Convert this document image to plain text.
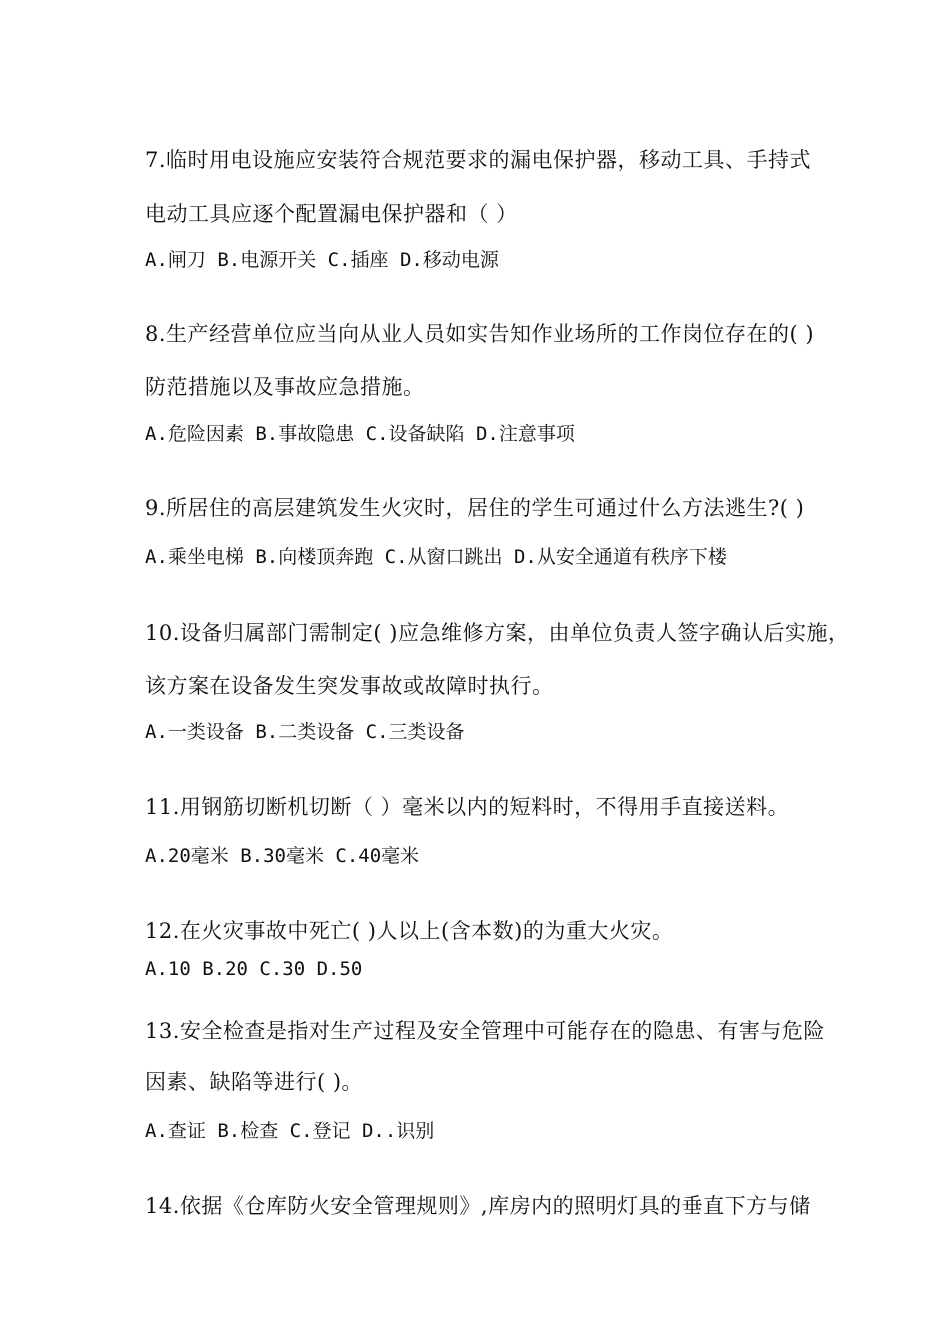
7.临时用电设施应安装符合规范要求的漏电保护器，移动工具、手持式
电动工具应逐个配置漏电保护器和（ ）
A.闸刀 B.电源开关 C.插座 D.移动电源
8.生产经营单位应当向从业人员如实告知作业场所的工作岗位存在的( )
防范措施以及事故应急措施。
A.危险因素 B.事故隐患 C.设备缺陷 D.注意事项
9.所居住的高层建筑发生火灾时，居住的学生可通过什么方法逃生?( )
A.乘坐电梯 B.向楼顶奔跑 C.从窗口跳出 D.从安全通道有秩序下楼
10.设备归属部门需制定( )应急维修方案，由单位负责人签字确认后实施，
该方案在设备发生突发事故或故障时执行。
A.一类设备 B.二类设备 C.三类设备
11.用钢筋切断机切断（ ）毫米以内的短料时，不得用手直接送料。
A.20毫米 B.30毫米 C.40毫米
12.在火灾事故中死亡( )人以上(含本数)的为重大火灾。
A.10 B.20 C.30 D.50
13.安全检查是指对生产过程及安全管理中可能存在的隐患、有害与危险
因素、缺陷等进行( )。
A.查证 B.检查 C.登记 D..识别
14.依据《仓库防火安全管理规则》,库房内的照明灯具的垂直下方与储
